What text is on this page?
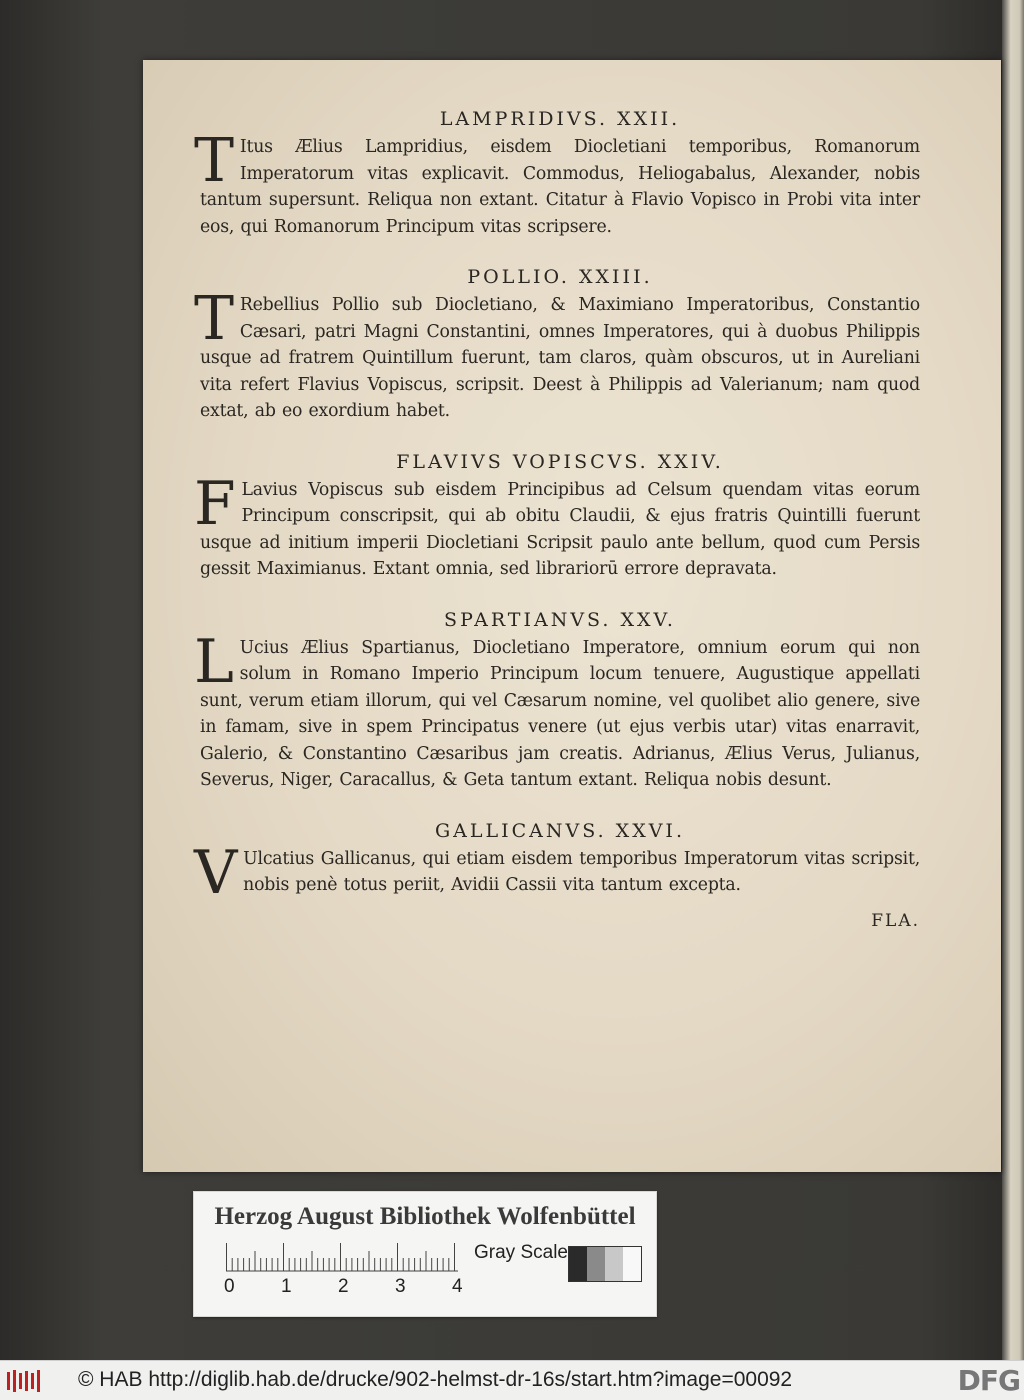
LAMPRIDIVS. XXII.
T Itus Ælius Lampridius, eisdem Diocletiani temporibus, Romanorum Imperatorum vitas explicavit. Commodus, Heliogabalus, Alexander, nobis tantum supersunt. Reliqua non extant. Citatur à Flavio Vopisco in Probi vita inter eos, qui Romanorum Principum vitas scripsere.
POLLIO. XXIII.
T Rebellius Pollio sub Diocletiano, & Maximiano Imperatoribus, Constantio Cæsari, patri Magni Constantini, omnes Imperatores, qui à duobus Philippis usque ad fratrem Quintillum fuerunt, tam claros, quàm obscuros, ut in Aureliani vita refert Flavius Vopiscus, scripsit. Deest à Philippis ad Valerianum; nam quod extat, ab eo exordium habet.
FLAVIVS VOPISCVS. XXIV.
F Lavius Vopiscus sub eisdem Principibus ad Celsum quendam vitas eorum Principum conscripsit, qui ab obitu Claudii, & ejus fratris Quintilli fuerunt usque ad initium imperii Diocletiani Scripsit paulo ante bellum, quod cum Persis gessit Maximianus. Extant omnia, sed librariorū errore depravata.
SPARTIANVS. XXV.
L Ucius Ælius Spartianus, Diocletiano Imperatore, omnium eorum qui non solum in Romano Imperio Principum locum tenuere, Augustique appellati sunt, verum etiam illorum, qui vel Cæsarum nomine, vel quolibet alio genere, sive in famam, sive in spem Principatus venere (ut ejus verbis utar) vitas enarravit, Galerio, & Constantino Cæsaribus jam creatis. Adrianus, Ælius Verus, Julianus, Severus, Niger, Caracallus, & Geta tantum extant. Reliqua nobis desunt.
GALLICANVS. XXVI.
V Ulcatius Gallicanus, qui etiam eisdem temporibus Imperatorum vitas scripsit, nobis penè totus periit, Avidii Cassii vita tantum excepta.
FLA.
Herzog August Bibliothek Wolfenbüttel
0 1 2 3 4
Gray Scale
© HAB http://diglib.hab.de/drucke/902-helmst-dr-16s/start.htm?image=00092	DFG
